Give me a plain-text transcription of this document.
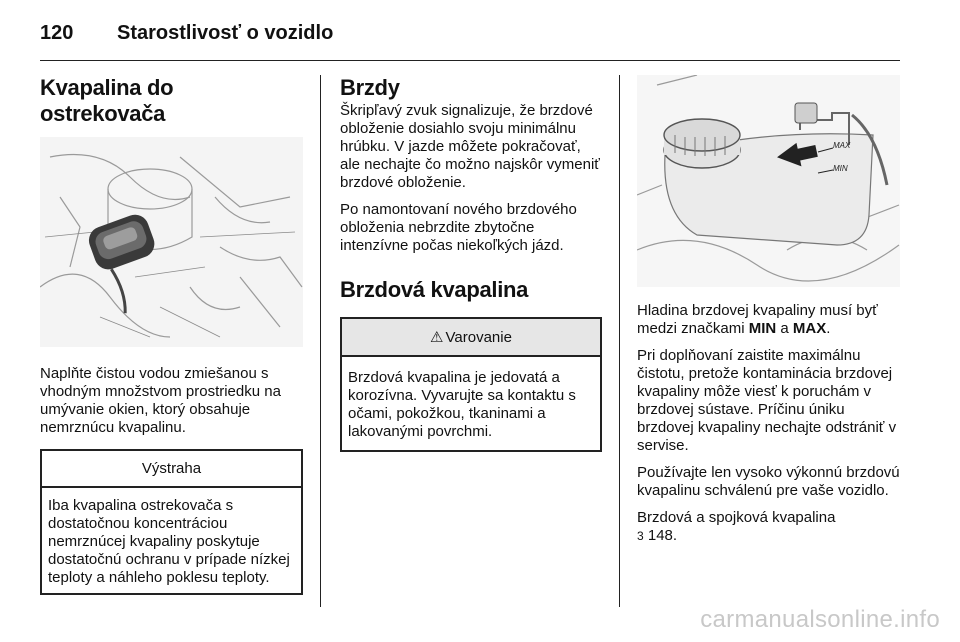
120	Starostlivosť o vozidlo
Kvapalina do ostrekovača

Naplňte čistou vodou zmiešanou s vhodným množstvom prostriedku na umývanie okien, ktorý obsahuje nemrznúcu kvapalinu.

Výstraha
Iba kvapalina ostrekovača s dostatočnou koncentráciou nemrznúcej kvapaliny poskytuje dostatočnú ochranu v prípade nízkej teploty a náhleho poklesu teploty.
Brzdy

Škripľavý zvuk signalizuje, že brzdové obloženie dosiahlo svoju minimálnu hrúbku. V jazde môžete pokračovať, ale nechajte čo možno najskôr vymeniť brzdové obloženie.

Po namontovaní nového brzdového obloženia nebrzdite zbytočne intenzívne počas niekoľkých jázd.

Brzdová kvapalina
⚠ Varovanie
Brzdová kvapalina je jedovatá a korozívna. Vyvarujte sa kontaktu s očami, pokožkou, tkaninami a lakovanými povrchmi.
MAX
MIN

Hladina brzdovej kvapaliny musí byť medzi značkami MIN a MAX.

Pri doplňovaní zaistite maximálnu čistotu, pretože kontaminácia brzdovej kvapaliny môže viesť k poruchám v brzdovej sústave. Príčinu úniku brzdovej kvapaliny nechajte odstrániť v servise.

Používajte len vysoko výkonnú brzdovú kvapalinu schválenú pre vaše vozidlo.

Brzdová a spojková kvapalina
3 148.

carmanualsonline.info
